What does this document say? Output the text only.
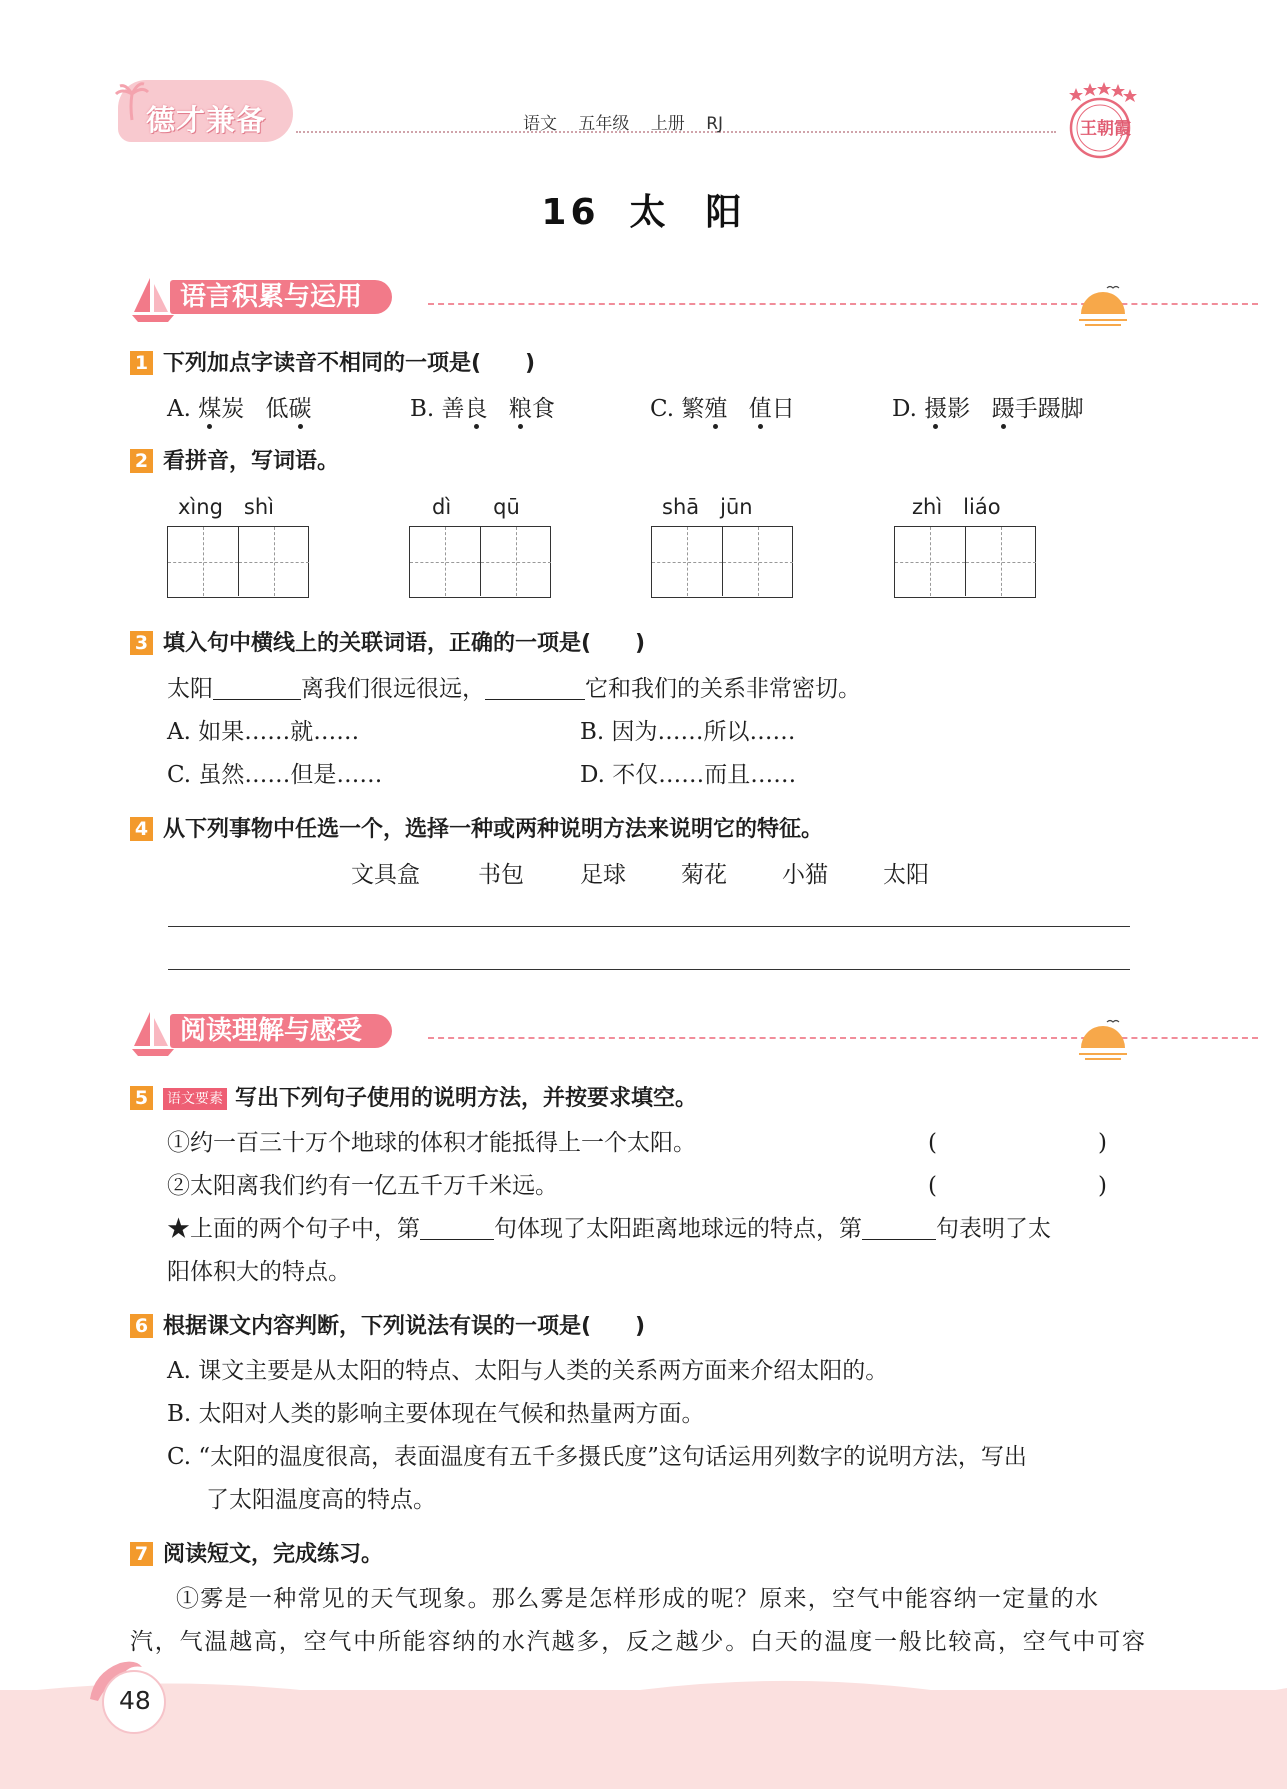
德才兼备	语文 五年级 上册 RJ	王朝霞
16 太 阳
语言积累与运用
1 下列加点字读音不相同的一项是(　　)
A. 煤炭 低碳	B. 善良 粮食	C. 繁殖 值日	D. 摄影 蹑手蹑脚
2 看拼音，写词语。
xìng　shì	dì　　qū	shā　jūn	zhì　liáo
3 填入句中横线上的关联词语，正确的一项是(　　)
太阳	离我们很远很远，	它和我们的关系非常密切。
A. 如果……就……	B. 因为……所以……
C. 虽然……但是……	D. 不仅……而且……
4 从下列事物中任选一个，选择一种或两种说明方法来说明它的特征。
文具盒	书包 足球 菊花 小猫 太阳
阅读理解与感受
5 语文要素 写出下列句子使用的说明方法，并按要求填空。
①约一百三十万个地球的体积才能抵得上一个太阳。	(　　　　　　　)
②太阳离我们约有一亿五千万千米远。	(　　　　　　　)
★上面的两个句子中，第	句体现了太阳距离地球远的特点，第	句表明了太
阳体积大的特点。
6 根据课文内容判断，下列说法有误的一项是(　　)
A. 课文主要是从太阳的特点、太阳与人类的关系两方面来介绍太阳的。
B. 太阳对人类的影响主要体现在气候和热量两方面。
C. “太阳的温度很高，表面温度有五千多摄氏度”这句话运用列数字的说明方法，写出
了太阳温度高的特点。
7 阅读短文，完成练习。
①雾是一种常见的天气现象。那么雾是怎样形成的呢？原来，空气中能容纳一定量的水
汽，气温越高，空气中所能容纳的水汽越多，反之越少。白天的温度一般比较高，空气中可容
48
